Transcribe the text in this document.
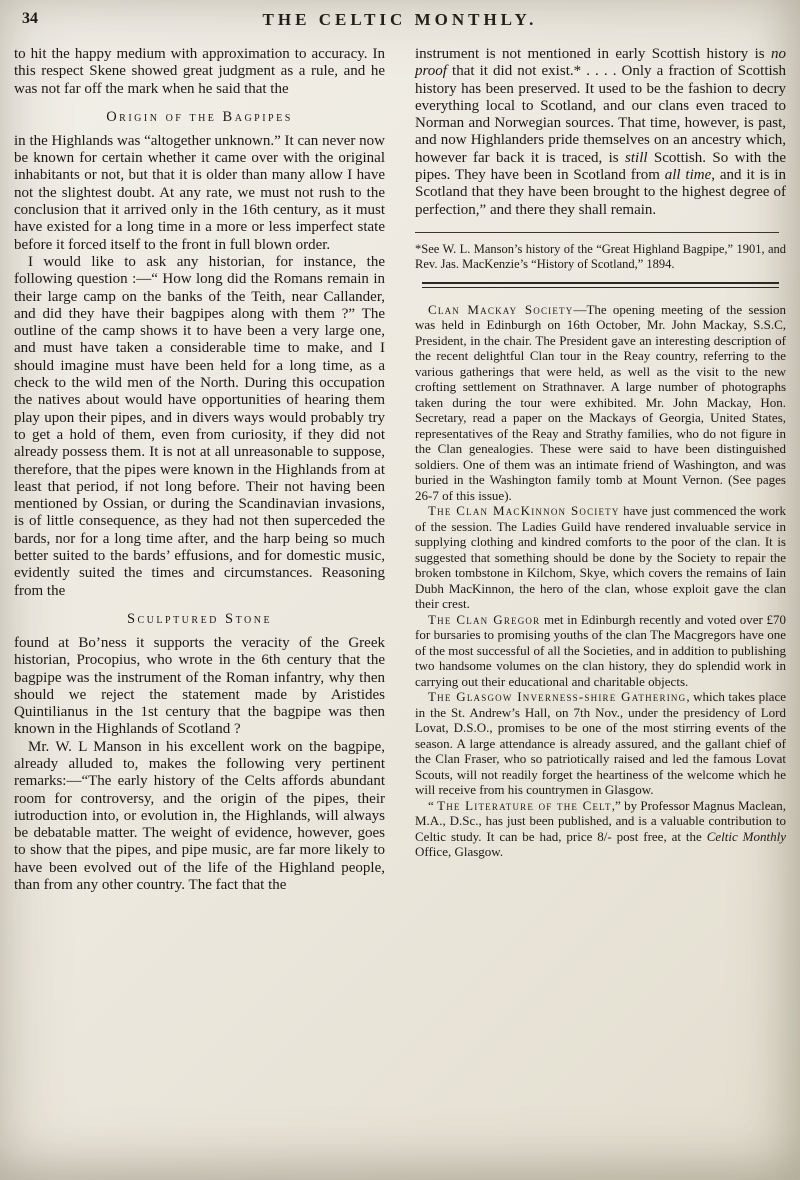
34	THE CELTIC MONTHLY.

to hit the happy medium with approximation to accuracy. In this respect Skene showed great judgment as a rule, and he was not far off the mark when he said that the

Origin of the Bagpipes

in the Highlands was “altogether unknown.” It can never now be known for certain whether it came over with the original inhabitants or not, but that it is older than many allow I have not the slightest doubt. At any rate, we must not rush to the conclusion that it arrived only in the 16th century, as it must have existed for a long time in a more or less imperfect state before it forced itself to the front in full blown order.

I would like to ask any historian, for instance, the following question :—“ How long did the Romans remain in their large camp on the banks of the Teith, near Callander, and did they have their bagpipes along with them ?” The outline of the camp shows it to have been a very large one, and must have taken a considerable time to make, and I should imagine must have been held for a long time, as a check to the wild men of the North. During this occupation the natives about would have opportunities of hearing them play upon their pipes, and in divers ways would probably try to get a hold of them, even from curiosity, if they did not already possess them. It is not at all unreasonable to suppose, therefore, that the pipes were known in the Highlands from at least that period, if not long before. Their not having been mentioned by Ossian, or during the Scandinavian invasions, is of little consequence, as they had not then superceded the bards, nor for a long time after, and the harp being so much better suited to the bards’ effusions, and for domestic music, evidently suited the times and circumstances. Reasoning from the

Sculptured Stone

found at Bo’ness it supports the veracity of the Greek historian, Procopius, who wrote in the 6th century that the bagpipe was the instrument of the Roman infantry, why then should we reject the statement made by Aristides Quintilianus in the 1st century that the bagpipe was then known in the Highlands of Scotland ?

Mr. W. L Manson in his excellent work on the bagpipe, already alluded to, makes the following very pertinent remarks:—“The early history of the Celts affords abundant room for controversy, and the origin of the pipes, their iutroduction into, or evolution in, the Highlands, will always be debatable matter. The weight of evidence, however, goes to show that the pipes, and pipe music, are far more likely to have been evolved out of the life of the Highland people, than from any other country. The fact that the

instrument is not mentioned in early Scottish history is no proof that it did not exist.* . . . . Only a fraction of Scottish history has been preserved. It used to be the fashion to decry everything local to Scotland, and our clans even traced to Norman and Norwegian sources. That time, however, is past, and now Highlanders pride themselves on an ancestry which, however far back it is traced, is still Scottish. So with the pipes. They have been in Scotland from all time, and it is in Scotland that they have been brought to the highest degree of perfection,” and there they shall remain.

*See W. L. Manson’s history of the “Great Highland Bagpipe,” 1901, and Rev. Jas. MacKenzie’s “History of Scotland,” 1894.

Clan Mackay Society—The opening meeting of the session was held in Edinburgh on 16th October, Mr. John Mackay, S.S.C, President, in the chair. The President gave an interesting description of the recent delightful Clan tour in the Reay country, referring to the various gatherings that were held, as well as the visit to the new crofting settlement on Strathnaver. A large number of photographs taken during the tour were exhibited. Mr. John Mackay, Hon. Secretary, read a paper on the Mackays of Georgia, United States, representatives of the Reay and Strathy families, who do not figure in the Clan genealogies. These were said to have been distinguished soldiers. One of them was an intimate friend of Washington, and was buried in the Washington family tomb at Mount Vernon. (See pages 26-7 of this issue).

The Clan MacKinnon Society have just commenced the work of the session. The Ladies Guild have rendered invaluable service in supplying clothing and kindred comforts to the poor of the clan. It is suggested that something should be done by the Society to repair the broken tombstone in Kilchom, Skye, which covers the remains of Iain Dubh MacKinnon, the hero of the clan, whose exploit gave the clan their crest.

The Clan Gregor met in Edinburgh recently and voted over £70 for bursaries to promising youths of the clan The Macgregors have one of the most successful of all the Societies, and in addition to publishing two handsome volumes on the clan history, they do splendid work in carrying out their educational and charitable objects.

The Glasgow Inverness-shire Gathering, which takes place in the St. Andrew’s Hall, on 7th Nov., under the presidency of Lord Lovat, D.S.O., promises to be one of the most stirring events of the season. A large attendance is already assured, and the gallant chief of the Clan Fraser, who so patriotically raised and led the famous Lovat Scouts, will not readily forget the heartiness of the welcome which he will receive from his countrymen in Glasgow.

“ The Literature of the Celt,” by Professor Magnus Maclean, M.A., D.Sc., has just been published, and is a valuable contribution to Celtic study. It can be had, price 8/- post free, at the Celtic Monthly Office, Glasgow.
